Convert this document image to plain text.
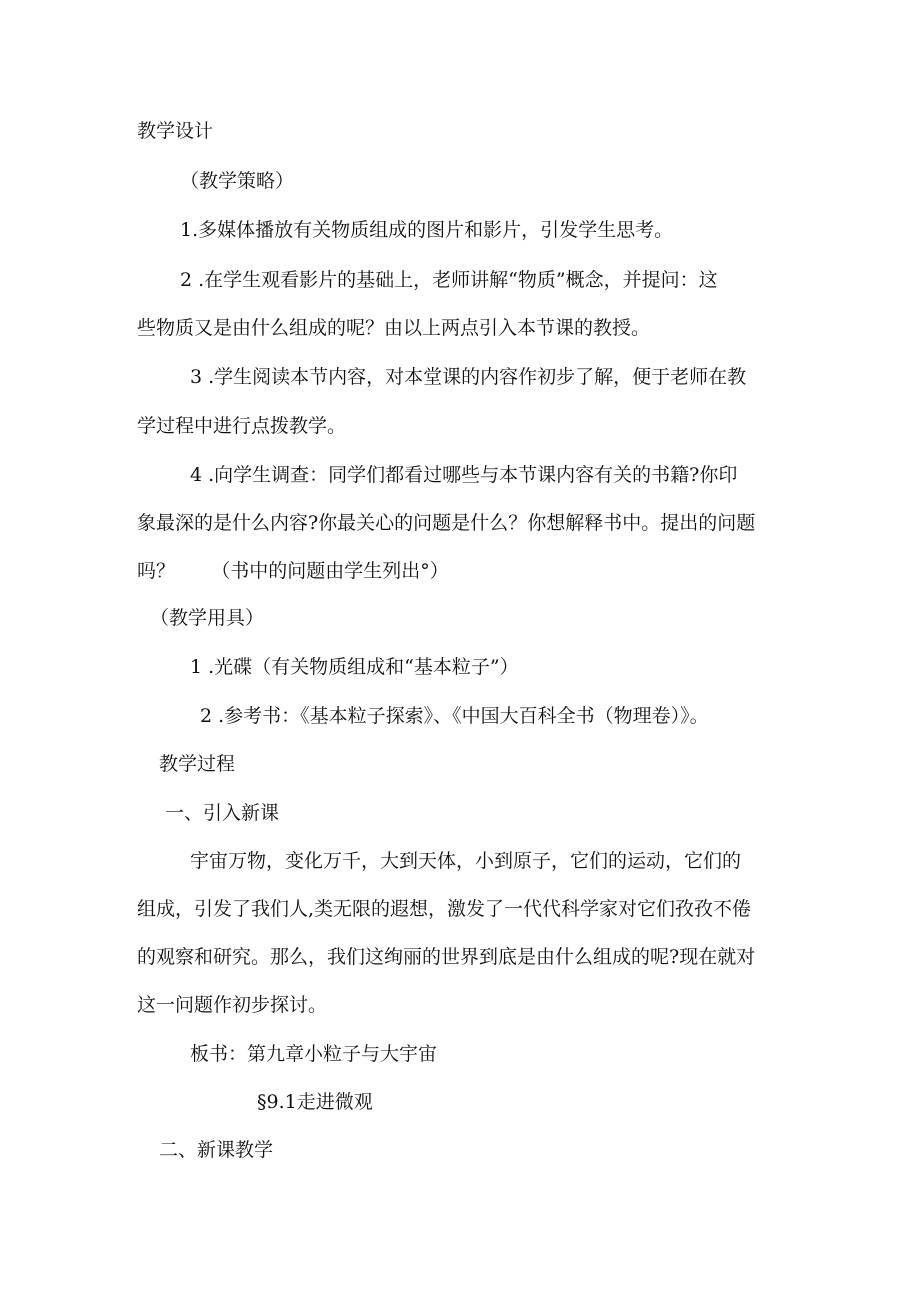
教学设计
（教学策略）
1.多媒体播放有关物质组成的图片和影片，引发学生思考。
2 .在学生观看影片的基础上，老师讲解“物质”概念，并提问：这
些物质又是由什么组成的呢？由以上两点引入本节课的教授。
3 .学生阅读本节内容，对本堂课的内容作初步了解，便于老师在教
学过程中进行点拨教学。
4 .向学生调查：同学们都看过哪些与本节课内容有关的书籍?你印
象最深的是什么内容?你最关心的问题是什么？你想解释书中。提出的问题
吗？      （书中的问题由学生列出°）
（教学用具）
1 .光碟（有关物质组成和“基本粒子”）
2 .参考书：《基本粒子探索》、《中国大百科全书（物理卷）》。
教学过程
一、引入新课
宇宙万物，变化万千，大到天体，小到原子，它们的运动，它们的
组成，引发了我们人,类无限的遐想，激发了一代代科学家对它们孜孜不倦
的观察和研究。那么，我们这绚丽的世界到底是由什么组成的呢?现在就对
这一问题作初步探讨。
板书：第九章小粒子与大宇宙
§9.1走进微观
二、新课教学
